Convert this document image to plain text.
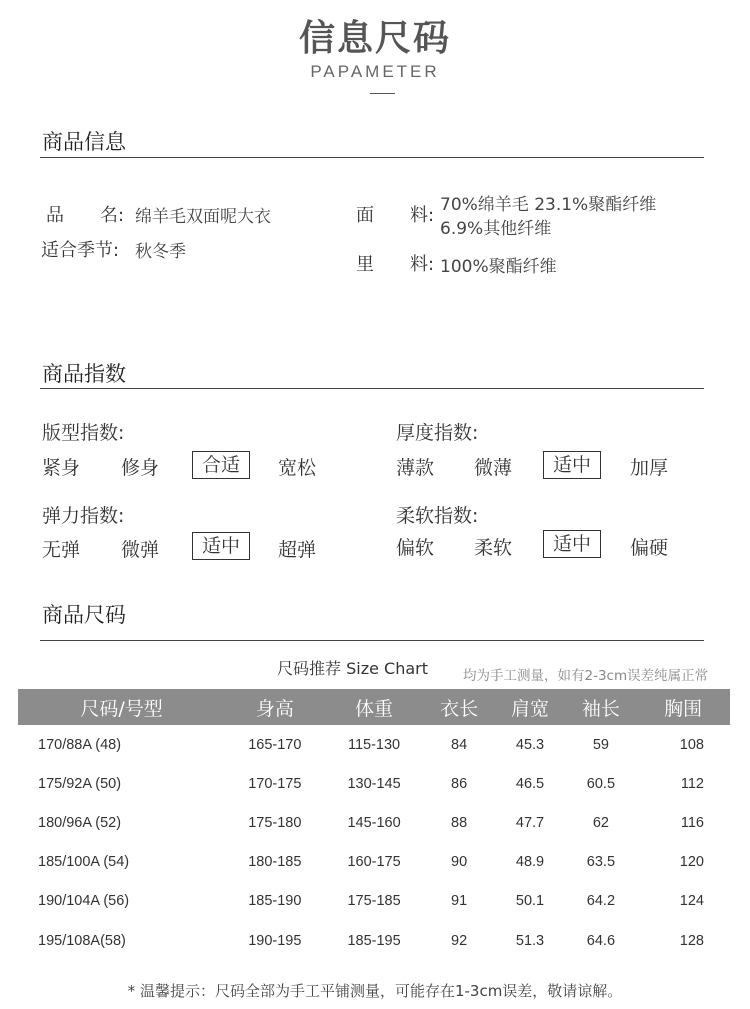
信息尺码
PAPAMETER
商品信息
品　　名: 绵羊毛双面呢大衣
适合季节: 秋冬季
面　　料: 70%绵羊毛 23.1%聚酯纤维
6.9%其他纤维
里　　料: 100%聚酯纤维
商品指数
版型指数:
紧身 修身	合适	宽松
厚度指数:
薄款 微薄	适中	加厚
弹力指数:
无弹 微弹	适中	超弹
柔软指数:
偏软 柔软	适中	偏硬
商品尺码
尺码推荐 Size Chart	均为手工测量，如有2-3cm误差纯属正常
尺码/号型	身高	体重	衣长	肩宽	袖长	胸围
170/88A (48)	165-170	115-130	84	45.3	59	108
175/92A (50)	170-175	130-145	86	46.5	60.5	112
180/96A (52)	175-180	145-160	88	47.7	62	116
185/100A (54)	180-185	160-175	90	48.9	63.5	120
190/104A (56)	185-190	175-185	91	50.1	64.2	124
195/108A(58)	190-195	185-195	92	51.3	64.6	128
* 温馨提示：尺码全部为手工平铺测量，可能存在1-3cm误差，敬请谅解。
